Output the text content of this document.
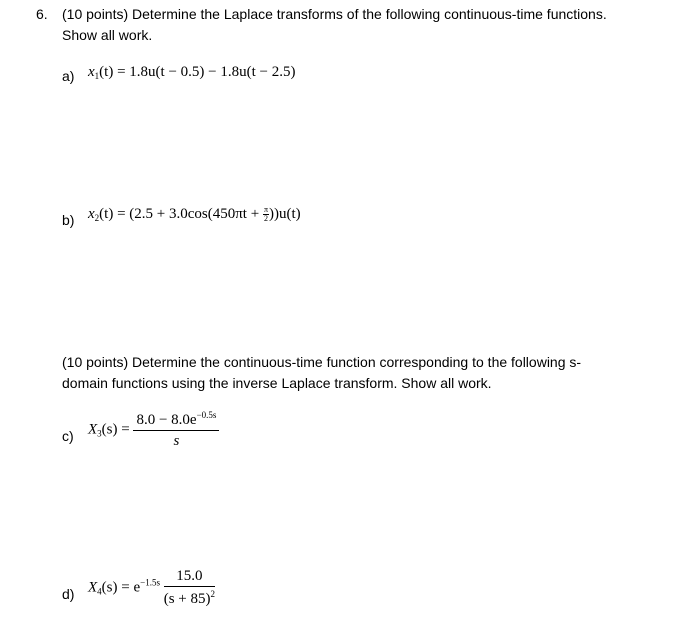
6. (10 points) Determine the Laplace transforms of the following continuous-time functions.
Show all work.
a) $x_1(t) = 1.8u(t - 0.5) - 1.8u(t - 2.5)$
b) $x_2(t) = (2.5 + 3.0\cos(450\pi t + \frac{\pi}{2} ))u(t)$
(10 points) Determine the continuous-time function corresponding to the following s-
domain functions using the inverse Laplace transform. Show all work.
c) $X_3(s) = \frac{8.0 - 8.0e^{-0.5s}}{s}$
d) $X_4(s) = e^{-1.5s} \frac{15.0}{(s + 85)^2}$
